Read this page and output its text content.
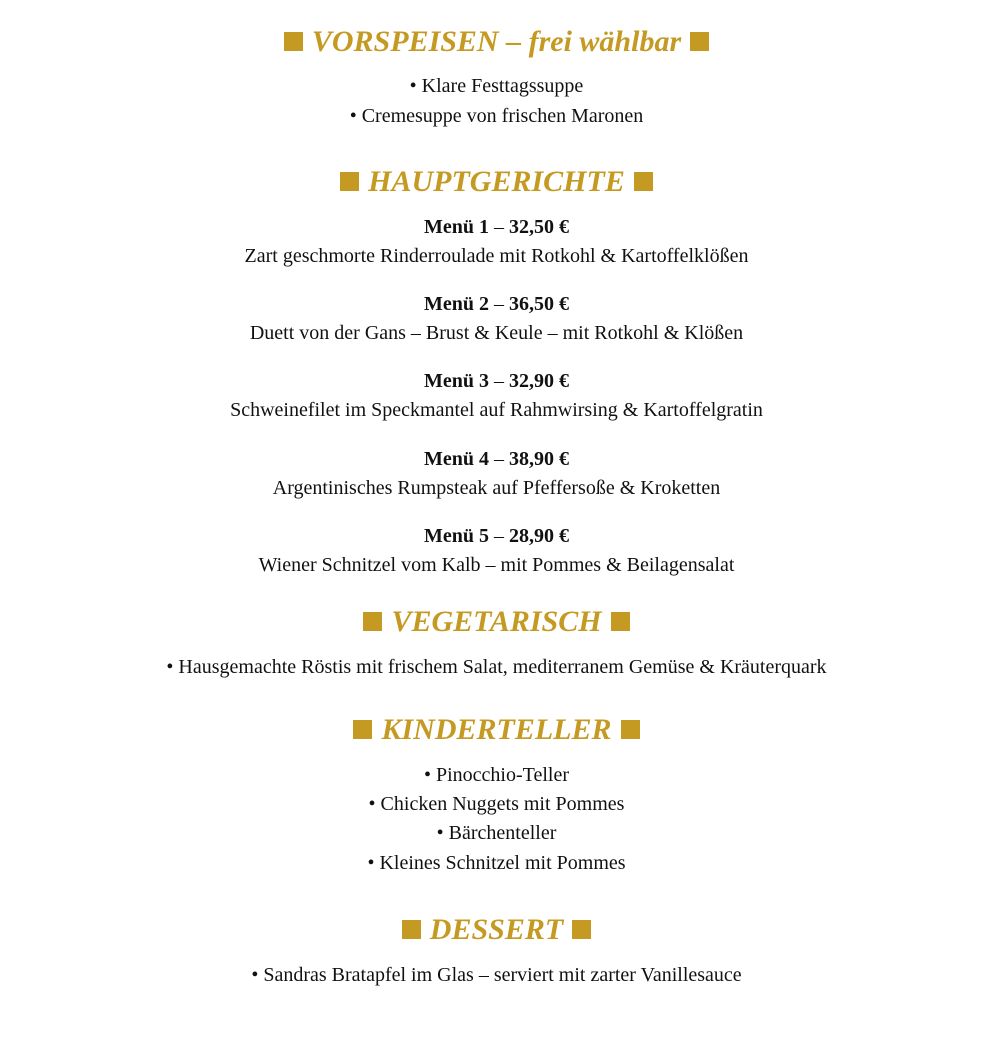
VORSPEISEN – frei wählbar
• Klare Festtagssuppe
• Cremesuppe von frischen Maronen
HAUPTGERICHTE
Menü 1 – 32,50 €
Zart geschmorte Rinderroulade mit Rotkohl & Kartoffelklößen
Menü 2 – 36,50 €
Duett von der Gans – Brust & Keule – mit Rotkohl & Klößen
Menü 3 – 32,90 €
Schweinefilet im Speckmantel auf Rahmwirsing & Kartoffelgratin
Menü 4 – 38,90 €
Argentinisches Rumpsteak auf Pfeffersoße & Kroketten
Menü 5 – 28,90 €
Wiener Schnitzel vom Kalb – mit Pommes & Beilagensalat
VEGETARISCH
• Hausgemachte Röstis mit frischem Salat, mediterranem Gemüse & Kräuterquark
KINDERTELLER
• Pinocchio-Teller
• Chicken Nuggets mit Pommes
• Bärchenteller
• Kleines Schnitzel mit Pommes
DESSERT
• Sandras Bratapfel im Glas – serviert mit zarter Vanillesauce
